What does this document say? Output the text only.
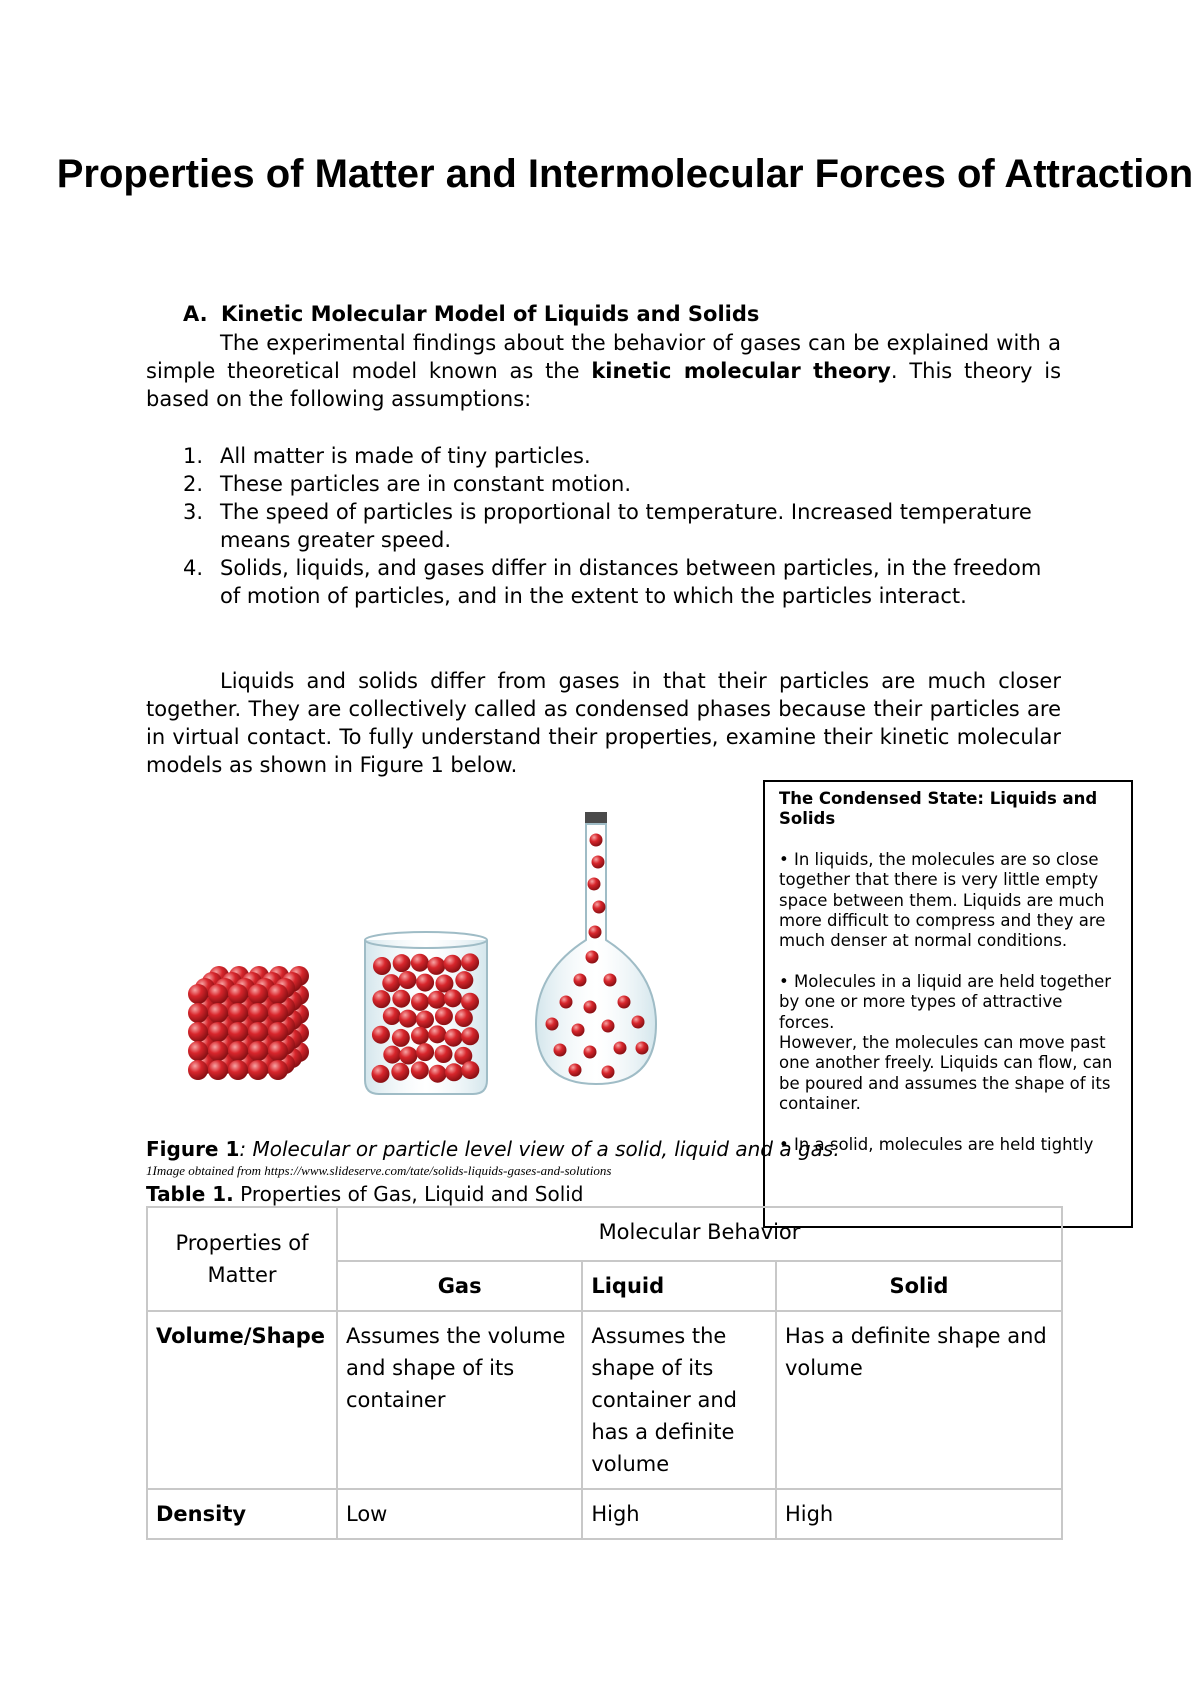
Properties of Matter and Intermolecular Forces of Attraction
A. Kinetic Molecular Model of Liquids and Solids
The experimental findings about the behavior of gases can be explained with a simple theoretical model known as the kinetic molecular theory. This theory is based on the following assumptions:
1. All matter is made of tiny particles.
2. These particles are in constant motion.
3. The speed of particles is proportional to temperature. Increased temperature means greater speed.
4. Solids, liquids, and gases differ in distances between particles, in the freedom of motion of particles, and in the extent to which the particles interact.
Liquids and solids differ from gases in that their particles are much closer together. They are collectively called as condensed phases because their particles are in virtual contact. To fully understand their properties, examine their kinetic molecular models as shown in Figure 1 below.
The Condensed State: Liquids and Solids
• In liquids, the molecules are so close together that there is very little empty space between them. Liquids are much more difficult to compress and they are much denser at normal conditions.
• Molecules in a liquid are held together
by one or more types of attractive forces.
However, the molecules can move past one another freely. Liquids can flow, can
be poured and assumes the shape of its
container.
• In a solid, molecules are held tightly
Figure 1: Molecular or particle level view of a solid, liquid and a gas.
1Image obtained from https://www.slideserve.com/tate/solids-liquids-gases-and-solutions
Table 1. Properties of Gas, Liquid and Solid
Properties of Matter	Molecular Behavior		
	Gas	Liquid	Solid
Volume/Shape	Assumes the volume and shape of its container	Assumes the shape of its container and has a definite volume	Has a definite shape and volume
Density	Low	High	High
